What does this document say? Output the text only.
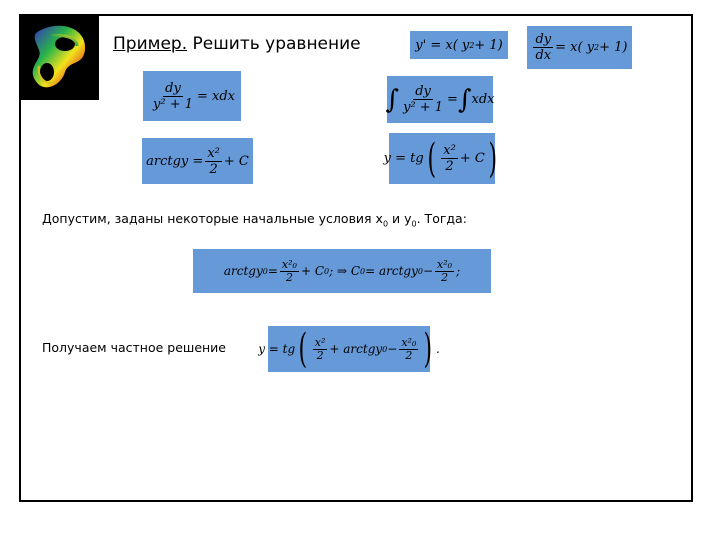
Пример. Решить уравнение	y' = x( y $2 + 1) \frac{dy}{dx} = x$( y 2 + 1)
$\frac{dy}{\text{y² + 1}}$ = xdx	∫ $\frac{dy}{\text{y² + 1}}$ = ∫ xdx
arctgy = $\frac{\text{x²}}{2} + C$	y = tg ( $\frac{\text{x²}}{2} + C$ )
Допустим, заданы некоторые начальные условия $x_0$ и $y_0$. Тогда:
arctgy $0 = \frac{\text{x²₀}}{2} + C$ 0 ; ⇒ C 0 = arctgy $0 - \frac{\text{x²₀}}{2}$ ;
Получаем частное решение	y = tg ( $\frac{\text{x²}}{2}$ + arctgy $0 - \frac{\text{x²₀}}{2}$ ) .
